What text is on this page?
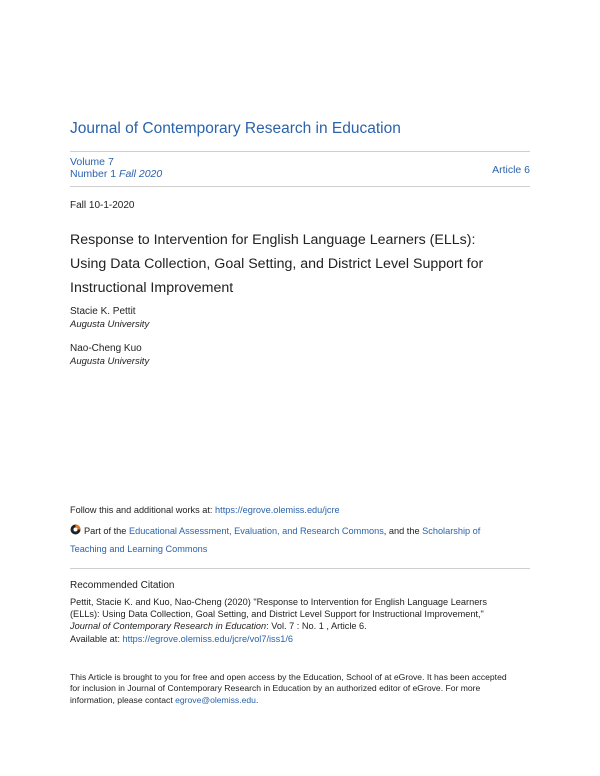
Journal of Contemporary Research in Education
Volume 7
Number 1 Fall 2020	Article 6
Fall 10-1-2020
Response to Intervention for English Language Learners (ELLs):
Using Data Collection, Goal Setting, and District Level Support for
Instructional Improvement
Stacie K. Pettit
Augusta University
Nao-Cheng Kuo
Augusta University
Follow this and additional works at: https://egrove.olemiss.edu/jcre
Part of the Educational Assessment, Evaluation, and Research Commons, and the Scholarship of
Teaching and Learning Commons
Recommended Citation
Pettit, Stacie K. and Kuo, Nao-Cheng (2020) "Response to Intervention for English Language Learners
(ELLs): Using Data Collection, Goal Setting, and District Level Support for Instructional Improvement,"
Journal of Contemporary Research in Education: Vol. 7 : No. 1 , Article 6.
Available at: https://egrove.olemiss.edu/jcre/vol7/iss1/6
This Article is brought to you for free and open access by the Education, School of at eGrove. It has been accepted
for inclusion in Journal of Contemporary Research in Education by an authorized editor of eGrove. For more
information, please contact egrove@olemiss.edu.
